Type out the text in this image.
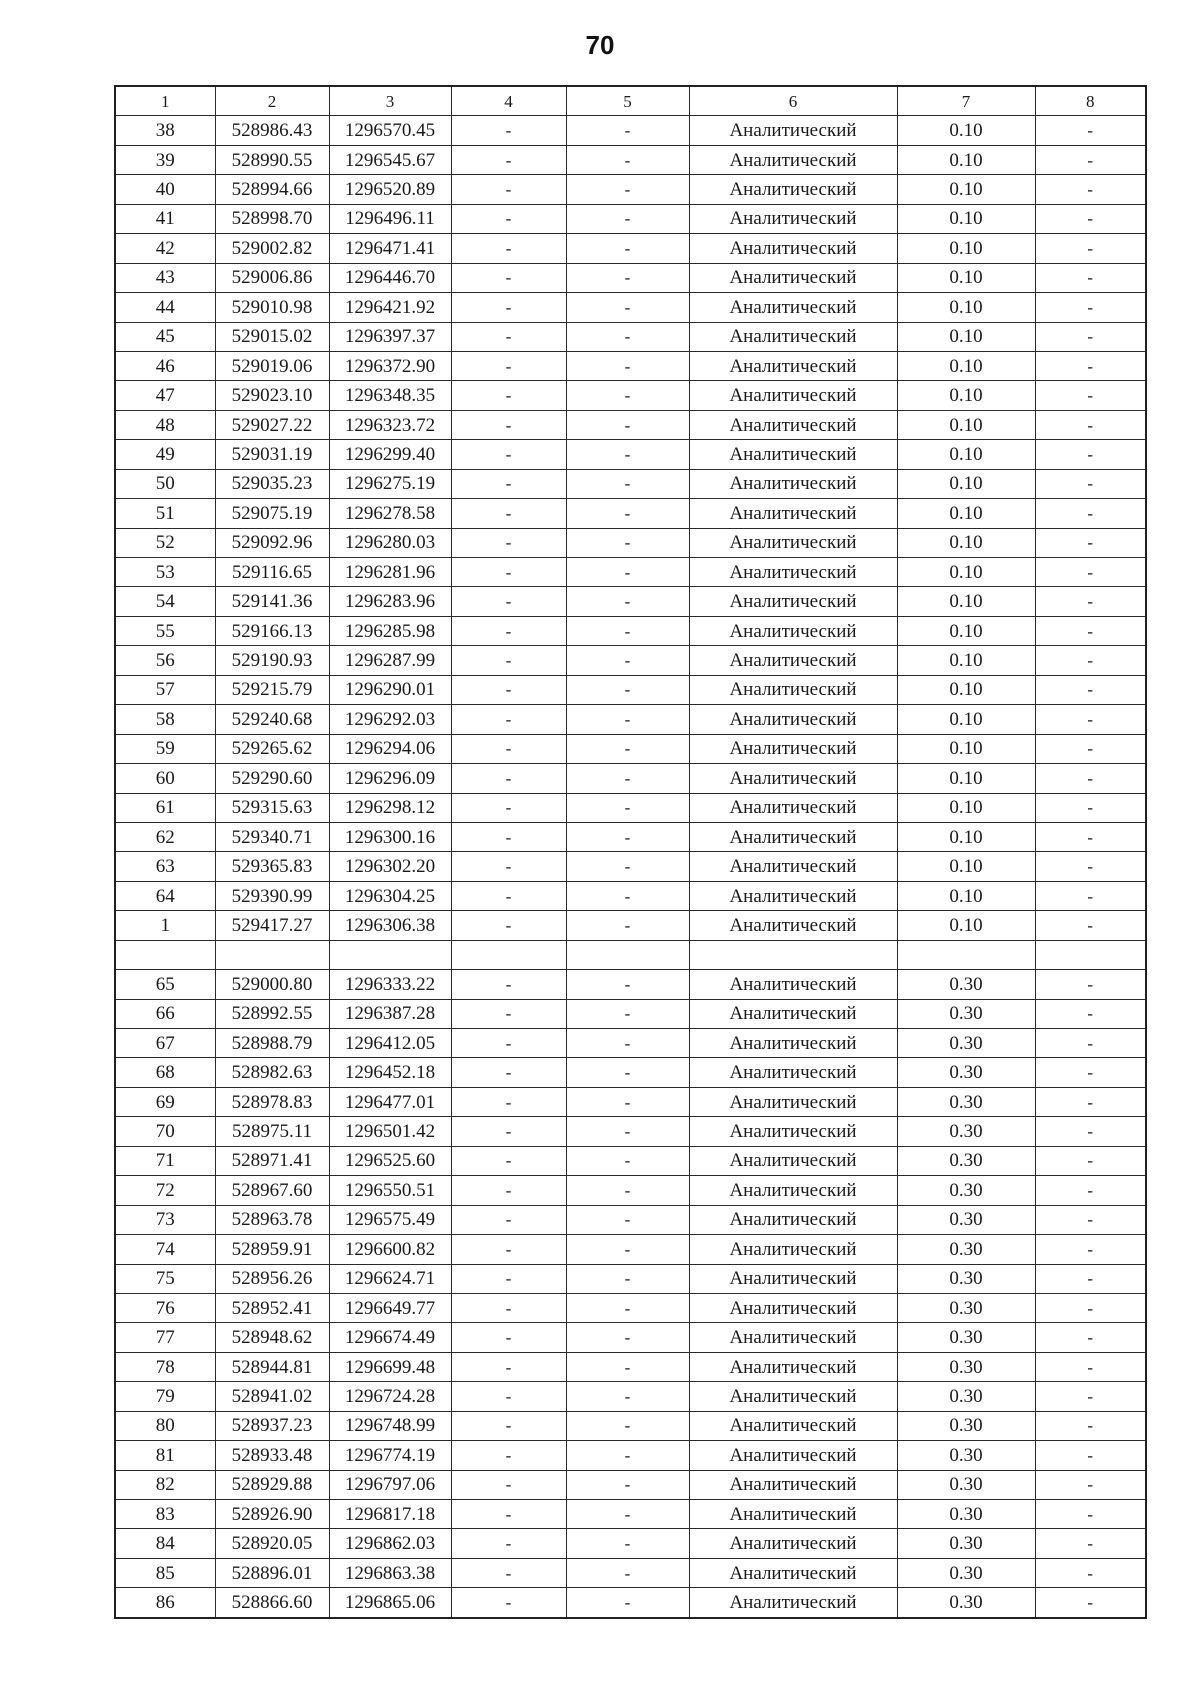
70
1	2	3	4	5	6	7	8
38	528986.43	1296570.45	-	-	Аналитический	0.10	-
39	528990.55	1296545.67	-	-	Аналитический	0.10	-
40	528994.66	1296520.89	-	-	Аналитический	0.10	-
41	528998.70	1296496.11	-	-	Аналитический	0.10	-
42	529002.82	1296471.41	-	-	Аналитический	0.10	-
43	529006.86	1296446.70	-	-	Аналитический	0.10	-
44	529010.98	1296421.92	-	-	Аналитический	0.10	-
45	529015.02	1296397.37	-	-	Аналитический	0.10	-
46	529019.06	1296372.90	-	-	Аналитический	0.10	-
47	529023.10	1296348.35	-	-	Аналитический	0.10	-
48	529027.22	1296323.72	-	-	Аналитический	0.10	-
49	529031.19	1296299.40	-	-	Аналитический	0.10	-
50	529035.23	1296275.19	-	-	Аналитический	0.10	-
51	529075.19	1296278.58	-	-	Аналитический	0.10	-
52	529092.96	1296280.03	-	-	Аналитический	0.10	-
53	529116.65	1296281.96	-	-	Аналитический	0.10	-
54	529141.36	1296283.96	-	-	Аналитический	0.10	-
55	529166.13	1296285.98	-	-	Аналитический	0.10	-
56	529190.93	1296287.99	-	-	Аналитический	0.10	-
57	529215.79	1296290.01	-	-	Аналитический	0.10	-
58	529240.68	1296292.03	-	-	Аналитический	0.10	-
59	529265.62	1296294.06	-	-	Аналитический	0.10	-
60	529290.60	1296296.09	-	-	Аналитический	0.10	-
61	529315.63	1296298.12	-	-	Аналитический	0.10	-
62	529340.71	1296300.16	-	-	Аналитический	0.10	-
63	529365.83	1296302.20	-	-	Аналитический	0.10	-
64	529390.99	1296304.25	-	-	Аналитический	0.10	-
1	529417.27	1296306.38	-	-	Аналитический	0.10	-

65	529000.80	1296333.22	-	-	Аналитический	0.30	-
66	528992.55	1296387.28	-	-	Аналитический	0.30	-
67	528988.79	1296412.05	-	-	Аналитический	0.30	-
68	528982.63	1296452.18	-	-	Аналитический	0.30	-
69	528978.83	1296477.01	-	-	Аналитический	0.30	-
70	528975.11	1296501.42	-	-	Аналитический	0.30	-
71	528971.41	1296525.60	-	-	Аналитический	0.30	-
72	528967.60	1296550.51	-	-	Аналитический	0.30	-
73	528963.78	1296575.49	-	-	Аналитический	0.30	-
74	528959.91	1296600.82	-	-	Аналитический	0.30	-
75	528956.26	1296624.71	-	-	Аналитический	0.30	-
76	528952.41	1296649.77	-	-	Аналитический	0.30	-
77	528948.62	1296674.49	-	-	Аналитический	0.30	-
78	528944.81	1296699.48	-	-	Аналитический	0.30	-
79	528941.02	1296724.28	-	-	Аналитический	0.30	-
80	528937.23	1296748.99	-	-	Аналитический	0.30	-
81	528933.48	1296774.19	-	-	Аналитический	0.30	-
82	528929.88	1296797.06	-	-	Аналитический	0.30	-
83	528926.90	1296817.18	-	-	Аналитический	0.30	-
84	528920.05	1296862.03	-	-	Аналитический	0.30	-
85	528896.01	1296863.38	-	-	Аналитический	0.30	-
86	528866.60	1296865.06	-	-	Аналитический	0.30	-
